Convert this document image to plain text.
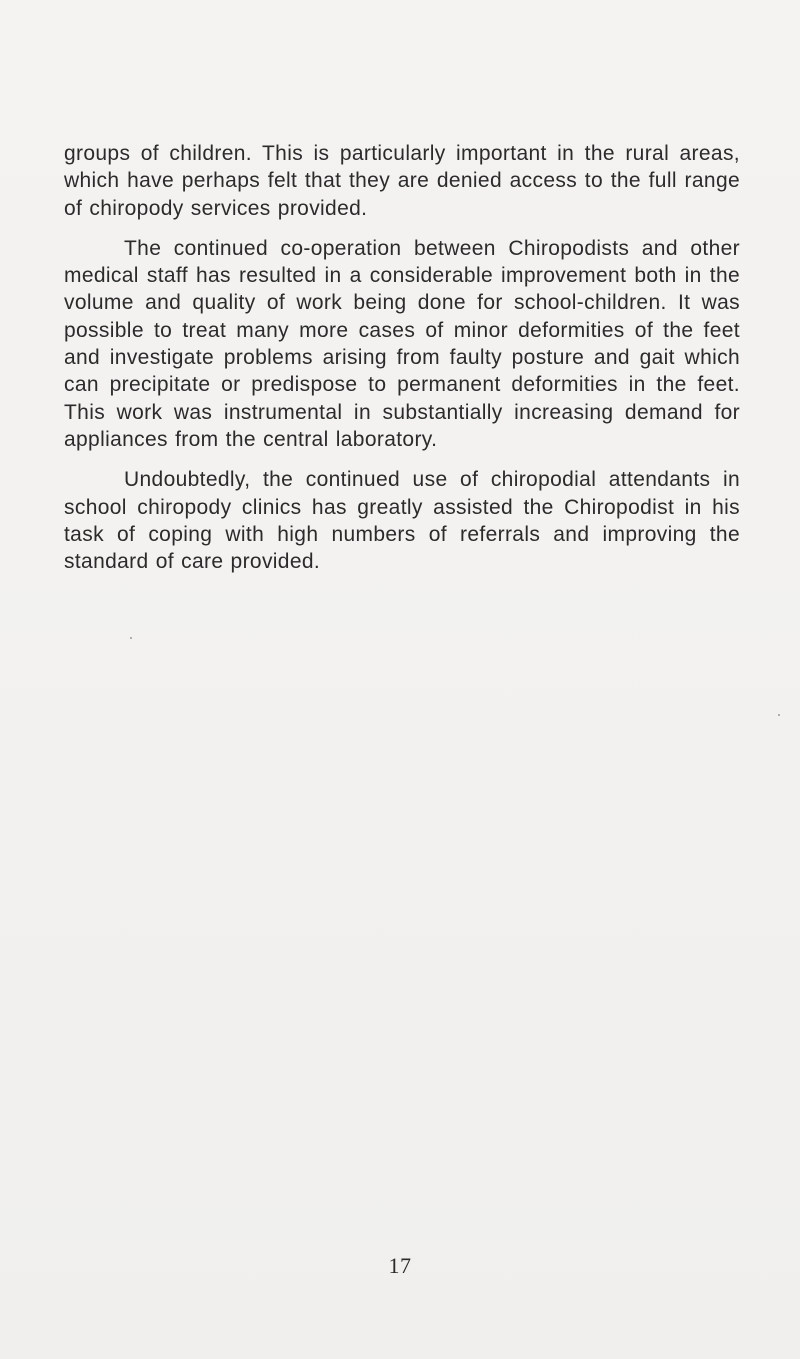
groups of children. This is particularly important in the rural areas, which have perhaps felt that they are denied access to the full range of chiropody services provided.

The continued co-operation between Chiropodists and other medical staff has resulted in a considerable improvement both in the volume and quality of work being done for school-children. It was possible to treat many more cases of minor deformities of the feet and investigate problems arising from faulty posture and gait which can precipitate or predispose to permanent deformities in the feet. This work was instrumental in substantially increasing demand for appliances from the central laboratory.

Undoubtedly, the continued use of chiropodial attendants in school chiropody clinics has greatly assisted the Chiropodist in his task of coping with high numbers of referrals and improving the standard of care provided.

17
